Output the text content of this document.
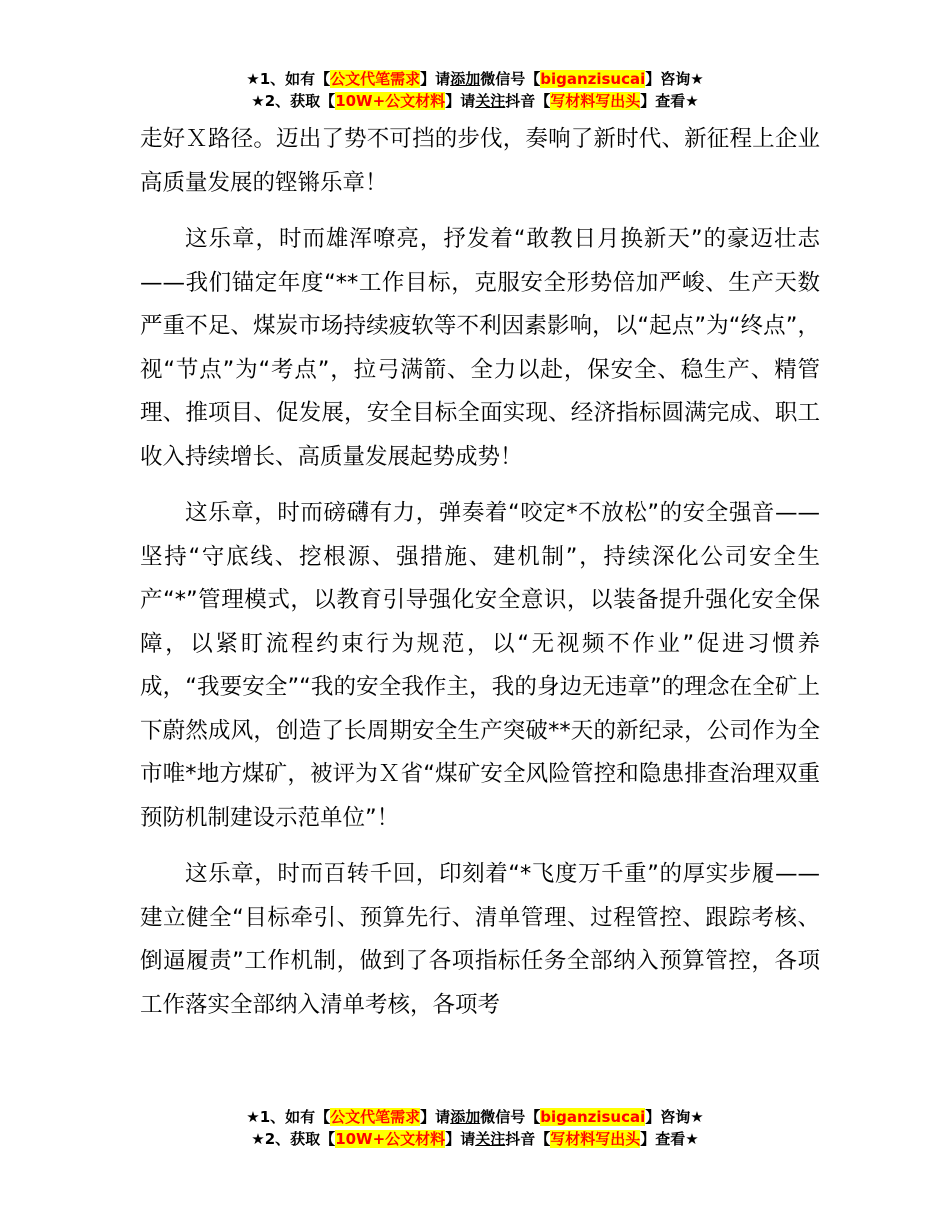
★1、如有【公文代笔需求】请添加微信号【biganzisucai】咨询★
★2、获取【10W+公文材料】请关注抖音【写材料写出头】查看★

走好Ｘ路径。迈出了势不可挡的步伐，奏响了新时代、新征程上企业高质量发展的铿锵乐章！

这乐章，时而雄浑嘹亮，抒发着“敢教日月换新天”的豪迈壮志——我们锚定年度“**工作目标，克服安全形势倍加严峻、生产天数严重不足、煤炭市场持续疲软等不利因素影响，以“起点”为“终点”，视“节点”为“考点”，拉弓满箭、全力以赴，保安全、稳生产、精管理、推项目、促发展，安全目标全面实现、经济指标圆满完成、职工收入持续增长、高质量发展起势成势！

这乐章，时而磅礴有力，弹奏着“咬定*不放松”的安全强音——坚持“守底线、挖根源、强措施、建机制”，持续深化公司安全生产“*”管理模式，以教育引导强化安全意识，以装备提升强化安全保障，以紧盯流程约束行为规范，以“无视频不作业”促进习惯养成，“我要安全”“我的安全我作主，我的身边无违章”的理念在全矿上下蔚然成风，创造了长周期安全生产突破**天的新纪录，公司作为全市唯*地方煤矿，被评为Ｘ省“煤矿安全风险管控和隐患排查治理双重预防机制建设示范单位”！

这乐章，时而百转千回，印刻着“*飞度万千重”的厚实步履——建立健全“目标牵引、预算先行、清单管理、过程管控、跟踪考核、倒逼履责”工作机制，做到了各项指标任务全部纳入预算管控，各项工作落实全部纳入清单考核，各项考

★1、如有【公文代笔需求】请添加微信号【biganzisucai】咨询★
★2、获取【10W+公文材料】请关注抖音【写材料写出头】查看★
